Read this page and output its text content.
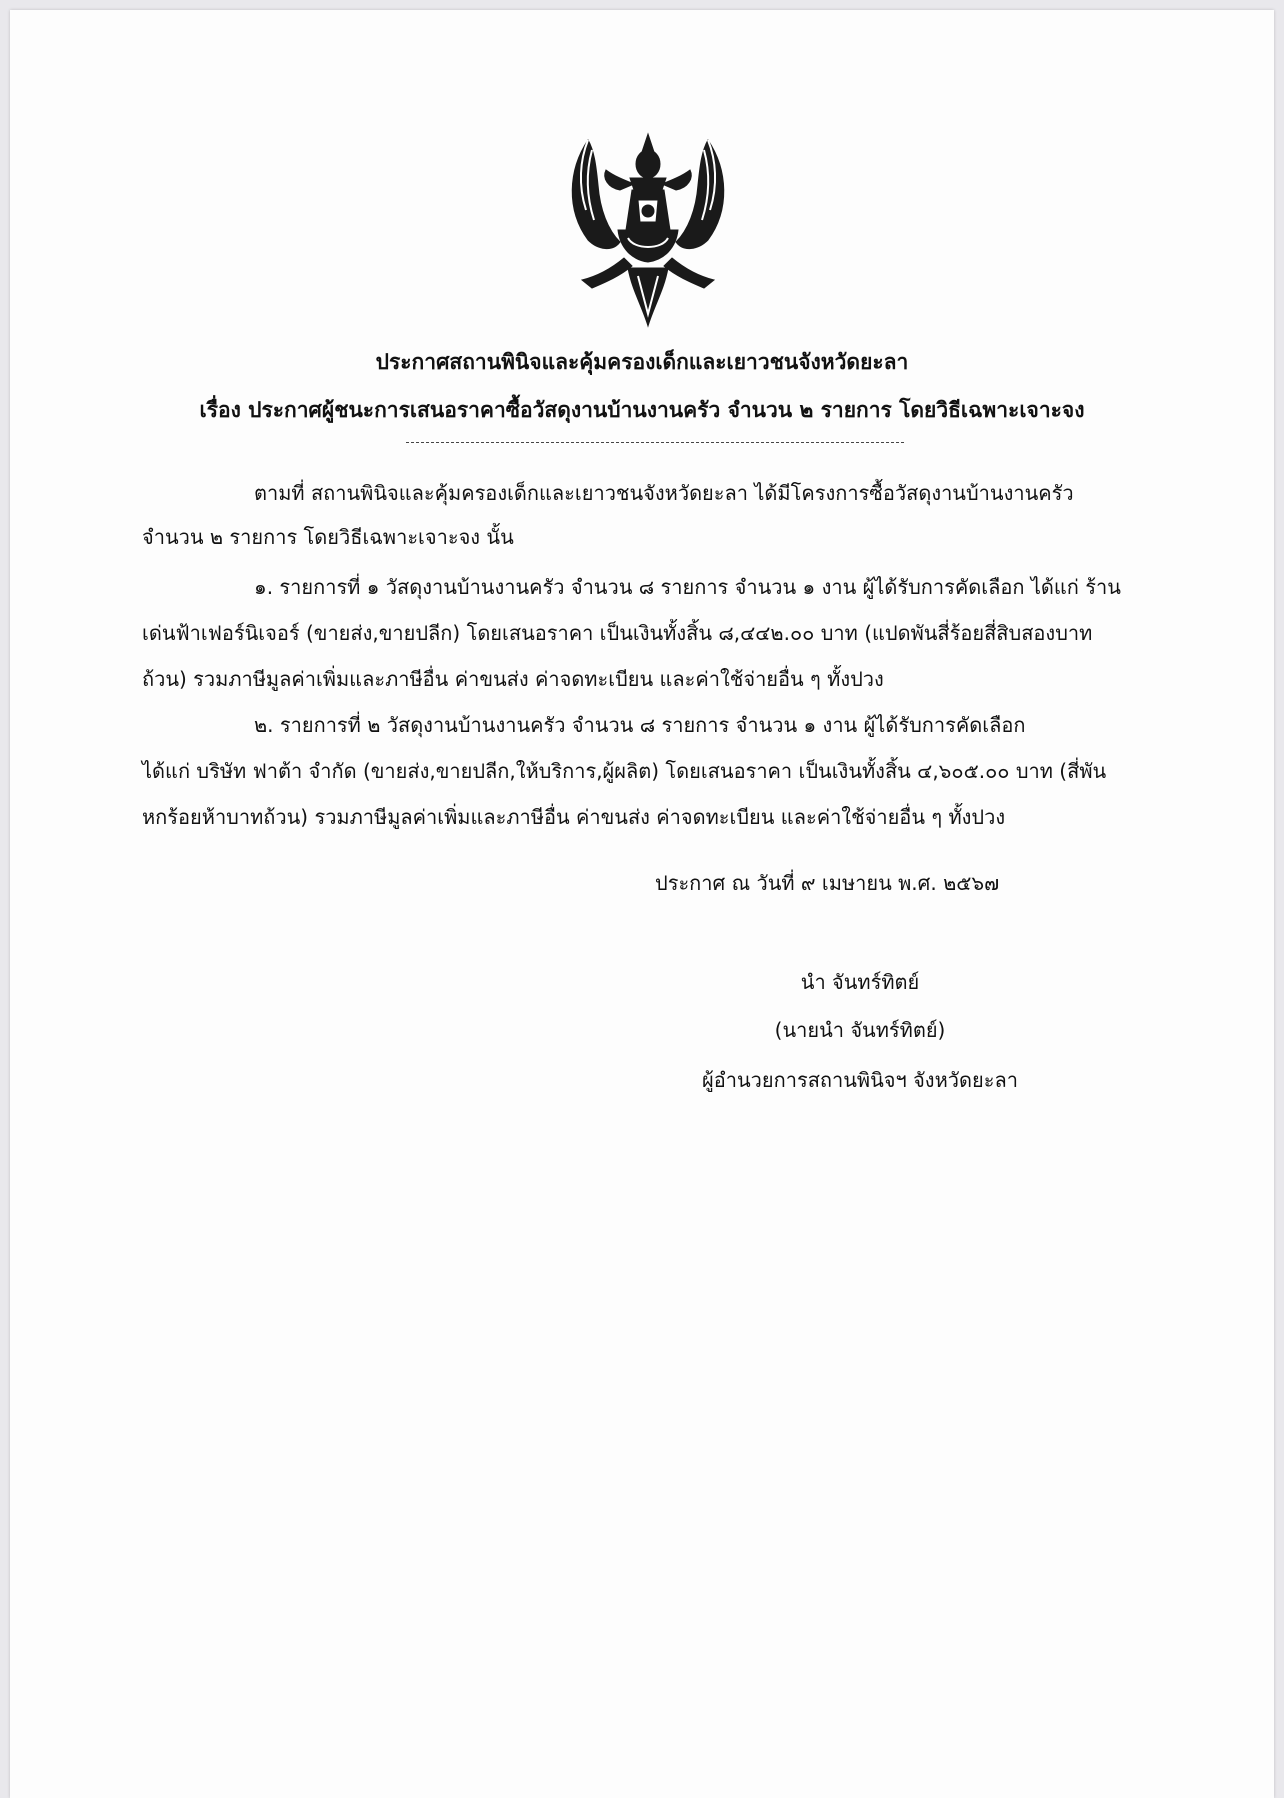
ประกาศสถานพินิจและคุ้มครองเด็กและเยาวชนจังหวัดยะลา
เรื่อง ประกาศผู้ชนะการเสนอราคาซื้อวัสดุงานบ้านงานครัว จำนวน ๒ รายการ โดยวิธีเฉพาะเจาะจง
ตามที่ สถานพินิจและคุ้มครองเด็กและเยาวชนจังหวัดยะลา ได้มีโครงการซื้อวัสดุงานบ้านงานครัว
จำนวน ๒ รายการ โดยวิธีเฉพาะเจาะจง นั้น
๑. รายการที่ ๑ วัสดุงานบ้านงานครัว จำนวน ๘ รายการ จำนวน ๑ งาน ผู้ได้รับการคัดเลือก ได้แก่ ร้าน
เด่นฟ้าเฟอร์นิเจอร์ (ขายส่ง,ขายปลีก) โดยเสนอราคา เป็นเงินทั้งสิ้น ๘,๔๔๒.๐๐ บาท (แปดพันสี่ร้อยสี่สิบสองบาท
ถ้วน) รวมภาษีมูลค่าเพิ่มและภาษีอื่น ค่าขนส่ง ค่าจดทะเบียน และค่าใช้จ่ายอื่น ๆ ทั้งปวง
๒. รายการที่ ๒ วัสดุงานบ้านงานครัว จำนวน ๘ รายการ จำนวน ๑ งาน ผู้ได้รับการคัดเลือก
ได้แก่ บริษัท ฟาต้า จำกัด (ขายส่ง,ขายปลีก,ให้บริการ,ผู้ผลิต) โดยเสนอราคา เป็นเงินทั้งสิ้น ๔,๖๐๕.๐๐ บาท (สี่พัน
หกร้อยห้าบาทถ้วน) รวมภาษีมูลค่าเพิ่มและภาษีอื่น ค่าขนส่ง ค่าจดทะเบียน และค่าใช้จ่ายอื่น ๆ ทั้งปวง
ประกาศ ณ วันที่ ๙ เมษายน พ.ศ. ๒๕๖๗
นำ จันทร์ทิตย์
(นายนำ จันทร์ทิตย์)
ผู้อำนวยการสถานพินิจฯ จังหวัดยะลา
